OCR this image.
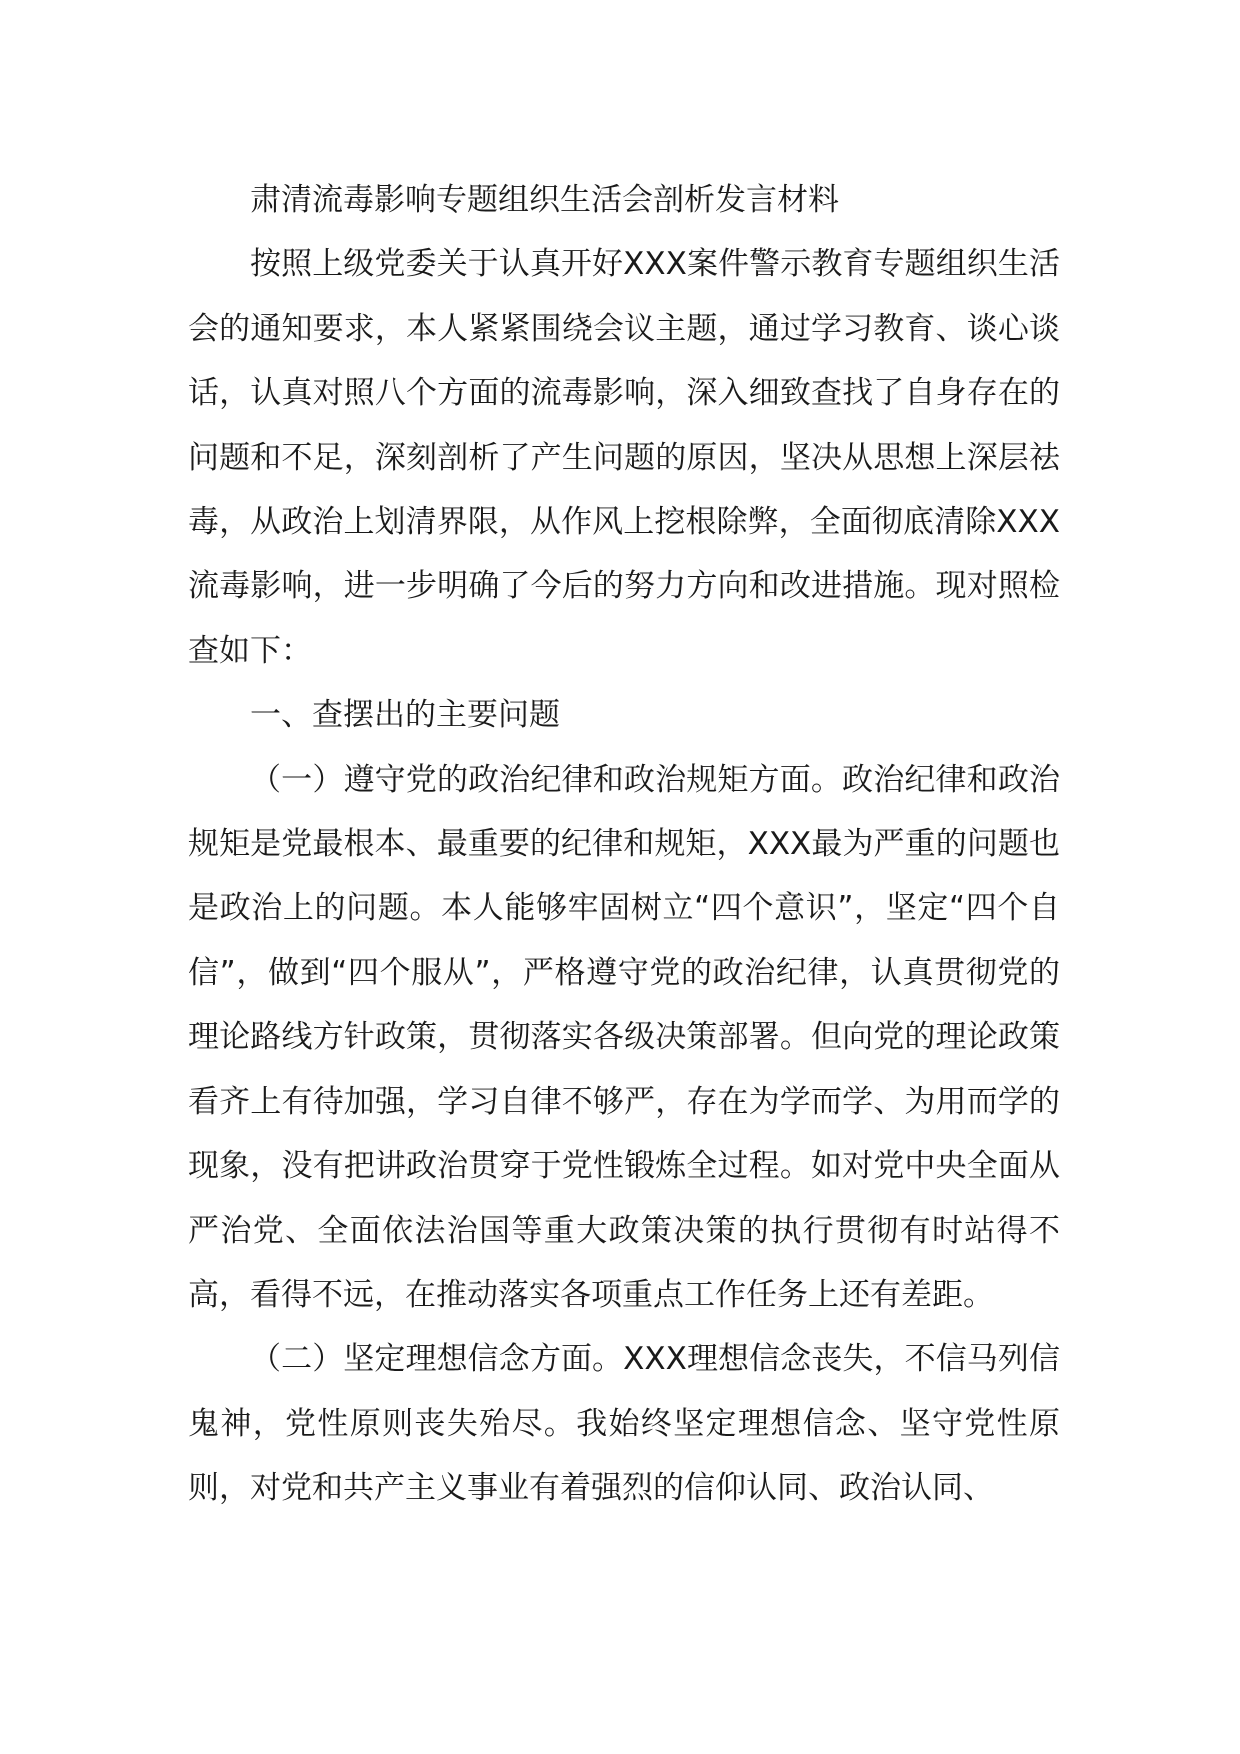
肃清流毒影响专题组织生活会剖析发言材料

按照上级党委关于认真开好XXX案件警示教育专题组织生活会的通知要求，本人紧紧围绕会议主题，通过学习教育、谈心谈话，认真对照八个方面的流毒影响，深入细致查找了自身存在的问题和不足，深刻剖析了产生问题的原因，坚决从思想上深层祛毒，从政治上划清界限，从作风上挖根除弊，全面彻底清除XXX流毒影响，进一步明确了今后的努力方向和改进措施。现对照检查如下：

一、查摆出的主要问题

（一）遵守党的政治纪律和政治规矩方面。政治纪律和政治规矩是党最根本、最重要的纪律和规矩，XXX最为严重的问题也是政治上的问题。本人能够牢固树立“四个意识”，坚定“四个自信”，做到“四个服从”，严格遵守党的政治纪律，认真贯彻党的理论路线方针政策，贯彻落实各级决策部署。但向党的理论政策看齐上有待加强，学习自律不够严，存在为学而学、为用而学的现象，没有把讲政治贯穿于党性锻炼全过程。如对党中央全面从严治党、全面依法治国等重大政策决策的执行贯彻有时站得不高，看得不远，在推动落实各项重点工作任务上还有差距。

（二）坚定理想信念方面。XXX理想信念丧失，不信马列信鬼神，党性原则丧失殆尽。我始终坚定理想信念、坚守党性原则，对党和共产主义事业有着强烈的信仰认同、政治认同、
